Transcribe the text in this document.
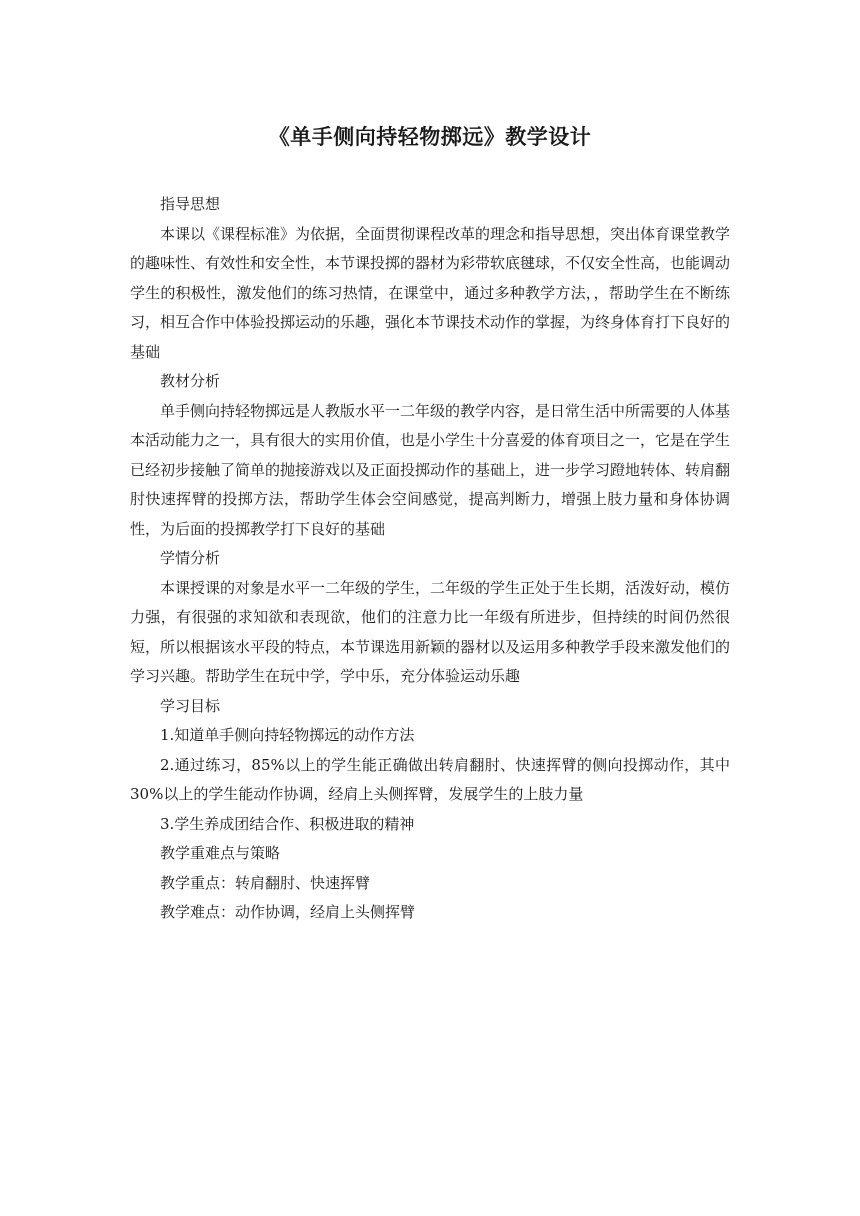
《单手侧向持轻物掷远》教学设计

指导思想

本课以《课程标准》为依据，全面贯彻课程改革的理念和指导思想，突出体育课堂教学的趣味性、有效性和安全性，本节课投掷的器材为彩带软底毽球，不仅安全性高，也能调动学生的积极性，激发他们的练习热情，在课堂中，通过多种教学方法，，帮助学生在不断练习，相互合作中体验投掷运动的乐趣，强化本节课技术动作的掌握，为终身体育打下良好的基础

教材分析

单手侧向持轻物掷远是人教版水平一二年级的教学内容，是日常生活中所需要的人体基本活动能力之一，具有很大的实用价值，也是小学生十分喜爱的体育项目之一，它是在学生已经初步接触了简单的抛接游戏以及正面投掷动作的基础上，进一步学习蹬地转体、转肩翻肘快速挥臂的投掷方法，帮助学生体会空间感觉，提高判断力，增强上肢力量和身体协调性，为后面的投掷教学打下良好的基础

学情分析

本课授课的对象是水平一二年级的学生，二年级的学生正处于生长期，活泼好动，模仿力强，有很强的求知欲和表现欲，他们的注意力比一年级有所进步，但持续的时间仍然很短，所以根据该水平段的特点，本节课选用新颖的器材以及运用多种教学手段来激发他们的学习兴趣。帮助学生在玩中学，学中乐，充分体验运动乐趣

学习目标

1.知道单手侧向持轻物掷远的动作方法

2.通过练习，85%以上的学生能正确做出转肩翻肘、快速挥臂的侧向投掷动作，其中 30%以上的学生能动作协调，经肩上头侧挥臂，发展学生的上肢力量

3.学生养成团结合作、积极进取的精神

教学重难点与策略

教学重点：转肩翻肘、快速挥臂

教学难点：动作协调，经肩上头侧挥臂
